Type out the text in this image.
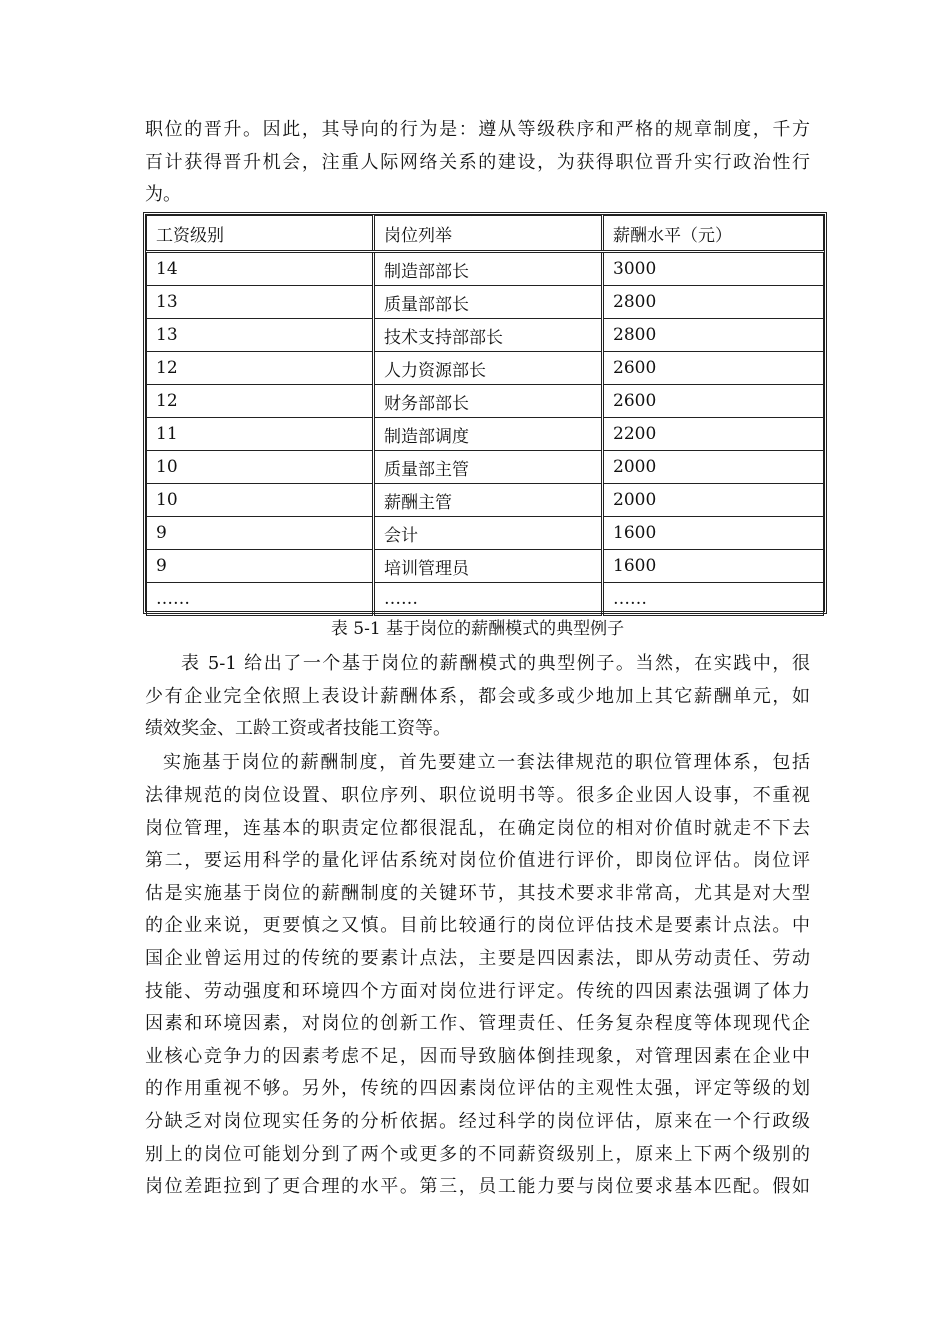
职位的晋升。因此，其导向的行为是：遵从等级秩序和严格的规章制度，千方
百计获得晋升机会，注重人际网络关系的建设，为获得职位晋升实行政治性行
为。
工资级别	岗位列举	薪酬水平（元）
14	制造部部长	3000
13	质量部部长	2800
13	技术支持部部长	2800
12	人力资源部长	2600
12	财务部部长	2600
11	制造部调度	2200
10	质量部主管	2000
10	薪酬主管	2000
9	会计	1600
9	培训管理员	1600
……	……	……
表 5-1 基于岗位的薪酬模式的典型例子
表 5-1 给出了一个基于岗位的薪酬模式的典型例子。当然，在实践中，很
少有企业完全依照上表设计薪酬体系，都会或多或少地加上其它薪酬单元，如
绩效奖金、工龄工资或者技能工资等。
实施基于岗位的薪酬制度，首先要建立一套法律规范的职位管理体系，包括
法律规范的岗位设置、职位序列、职位说明书等。很多企业因人设事，不重视
岗位管理，连基本的职责定位都很混乱，在确定岗位的相对价值时就走不下去
第二，要运用科学的量化评估系统对岗位价值进行评价，即岗位评估。岗位评
估是实施基于岗位的薪酬制度的关键环节，其技术要求非常高，尤其是对大型
的企业来说，更要慎之又慎。目前比较通行的岗位评估技术是要素计点法。中
国企业曾运用过的传统的要素计点法，主要是四因素法，即从劳动责任、劳动
技能、劳动强度和环境四个方面对岗位进行评定。传统的四因素法强调了体力
因素和环境因素，对岗位的创新工作、管理责任、任务复杂程度等体现现代企
业核心竞争力的因素考虑不足，因而导致脑体倒挂现象，对管理因素在企业中
的作用重视不够。另外，传统的四因素岗位评估的主观性太强，评定等级的划
分缺乏对岗位现实任务的分析依据。经过科学的岗位评估，原来在一个行政级
别上的岗位可能划分到了两个或更多的不同薪资级别上，原来上下两个级别的
岗位差距拉到了更合理的水平。第三，员工能力要与岗位要求基本匹配。假如
